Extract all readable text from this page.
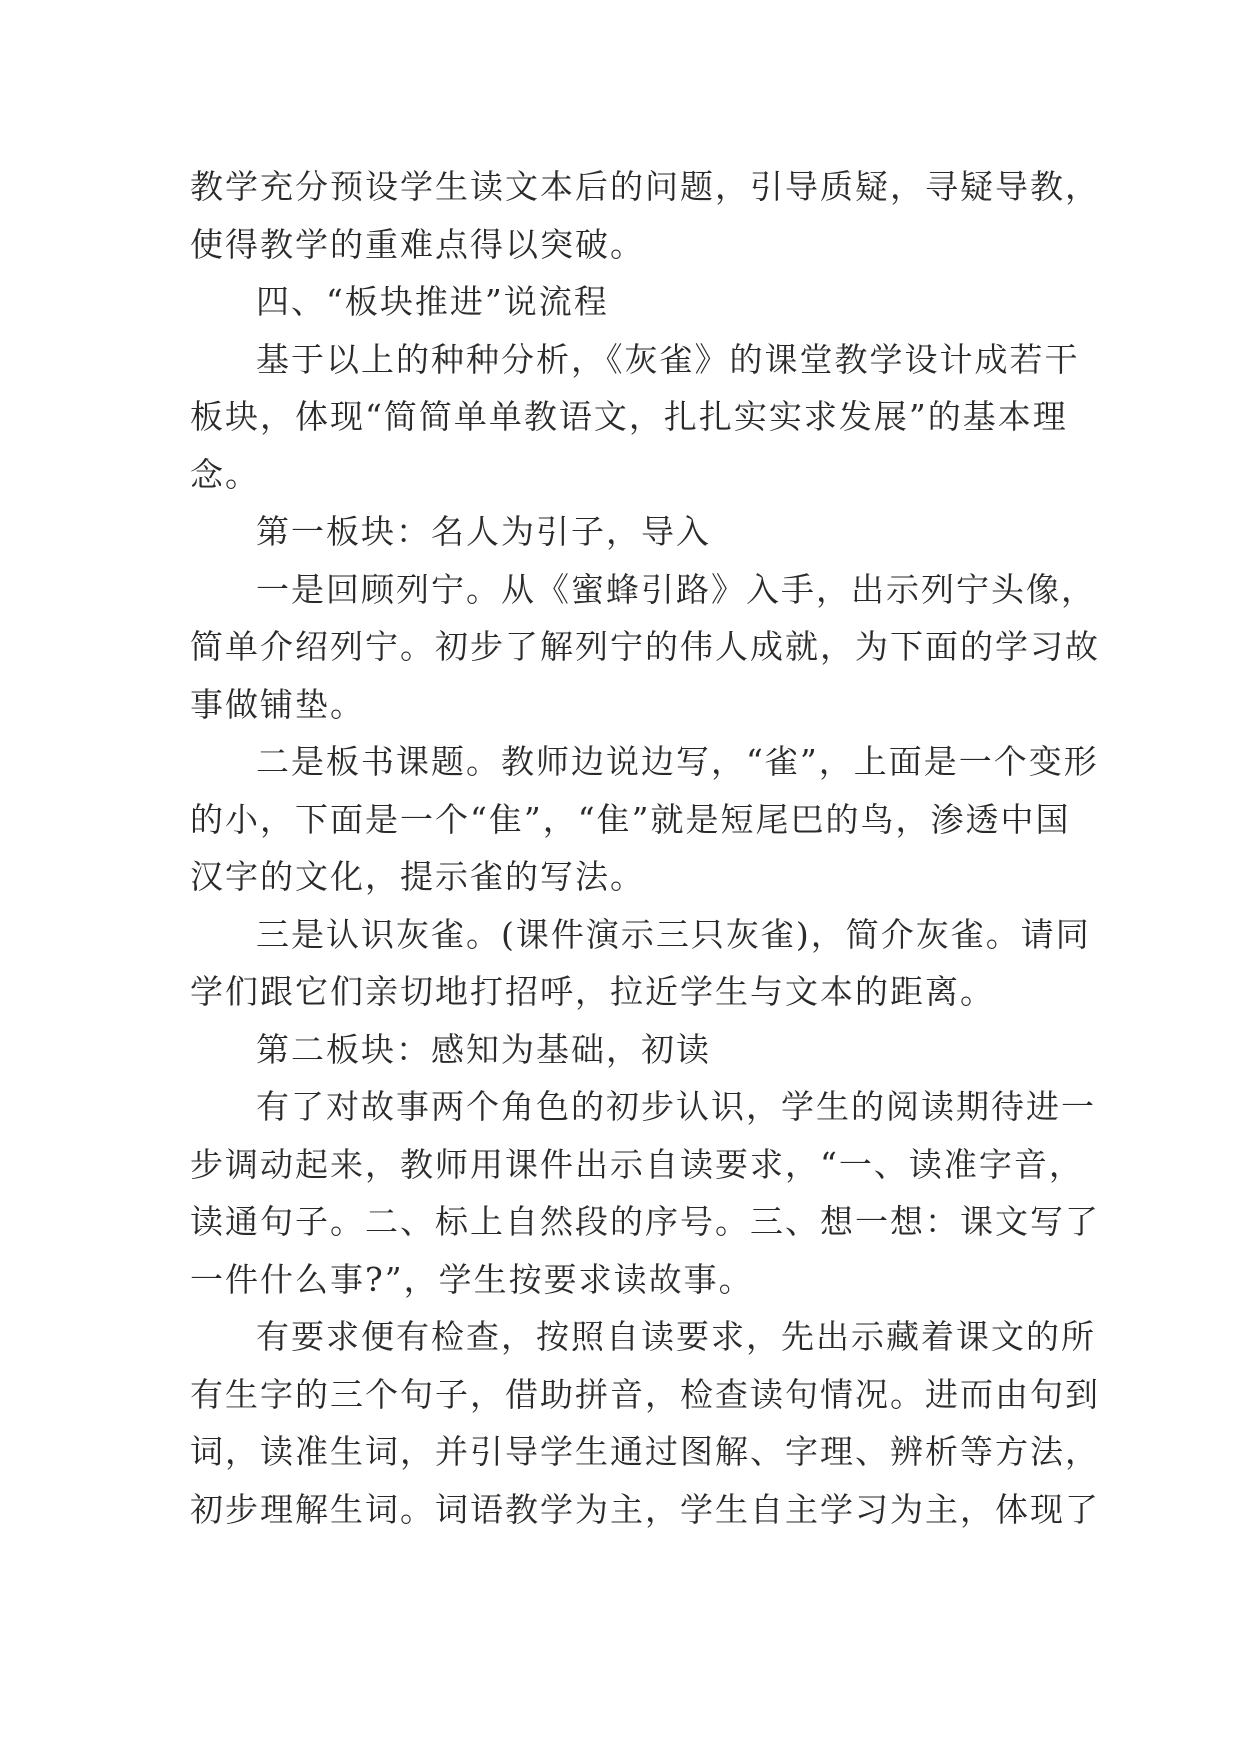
教学充分预设学生读文本后的问题，引导质疑，寻疑导教，
使得教学的重难点得以突破。
四、“板块推进”说流程
基于以上的种种分析，《灰雀》的课堂教学设计成若干
板块，体现“简简单单教语文，扎扎实实求发展”的基本理
念。
第一板块：名人为引子，导入
一是回顾列宁。从《蜜蜂引路》入手，出示列宁头像，
简单介绍列宁。初步了解列宁的伟人成就，为下面的学习故
事做铺垫。
二是板书课题。教师边说边写，“雀”，上面是一个变形
的小，下面是一个“隹”，“隹”就是短尾巴的鸟，渗透中国
汉字的文化，提示雀的写法。
三是认识灰雀。(课件演示三只灰雀)，简介灰雀。请同
学们跟它们亲切地打招呼，拉近学生与文本的距离。
第二板块：感知为基础，初读
有了对故事两个角色的初步认识，学生的阅读期待进一
步调动起来，教师用课件出示自读要求，“一、读准字音，
读通句子。二、标上自然段的序号。三、想一想：课文写了
一件什么事?”，学生按要求读故事。
有要求便有检查，按照自读要求，先出示藏着课文的所
有生字的三个句子，借助拼音，检查读句情况。进而由句到
词，读准生词，并引导学生通过图解、字理、辨析等方法，
初步理解生词。词语教学为主，学生自主学习为主，体现了
